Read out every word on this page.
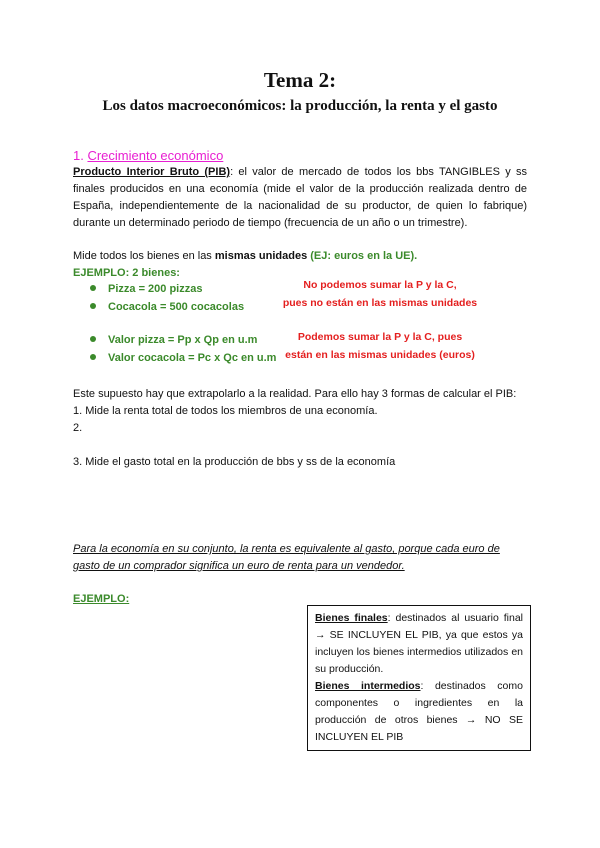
Tema 2:
Los datos macroeconómicos: la producción, la renta y el gasto
1. Crecimiento económico
Producto Interior Bruto (PIB): el valor de mercado de todos los bbs TANGIBLES y ss finales producidos en una economía (mide el valor de la producción realizada dentro de España, independientemente de la nacionalidad de su productor, de quien lo fabrique) durante un determinado periodo de tiempo (frecuencia de un año o un trimestre).
Mide todos los bienes en las mismas unidades (EJ: euros en la UE).
EJEMPLO: 2 bienes:
Pizza = 200 pizzas
Cocacola = 500 cocacolas
Valor pizza = Pp x Qp en u.m
Valor cocacola = Pc x Qc en u.m
No podemos sumar la P y la C,
pues no están en las mismas unidades
Podemos sumar la P y la C, pues
están en las mismas unidades (euros)
Este supuesto hay que extrapolarlo a la realidad. Para ello hay 3 formas de calcular el PIB:
1. Mide la renta total de todos los miembros de una economía.
2.
3. Mide el gasto total en la producción de bbs y ss de la economía
Para la economía en su conjunto, la renta es equivalente al gasto, porque cada euro de gasto de un comprador significa un euro de renta para un vendedor.
EJEMPLO:
Bienes finales: destinados al usuario final → SE INCLUYEN EL PIB, ya que estos ya incluyen los bienes intermedios utilizados en su producción.
Bienes intermedios: destinados como componentes o ingredientes en la producción de otros bienes → NO SE INCLUYEN EL PIB
